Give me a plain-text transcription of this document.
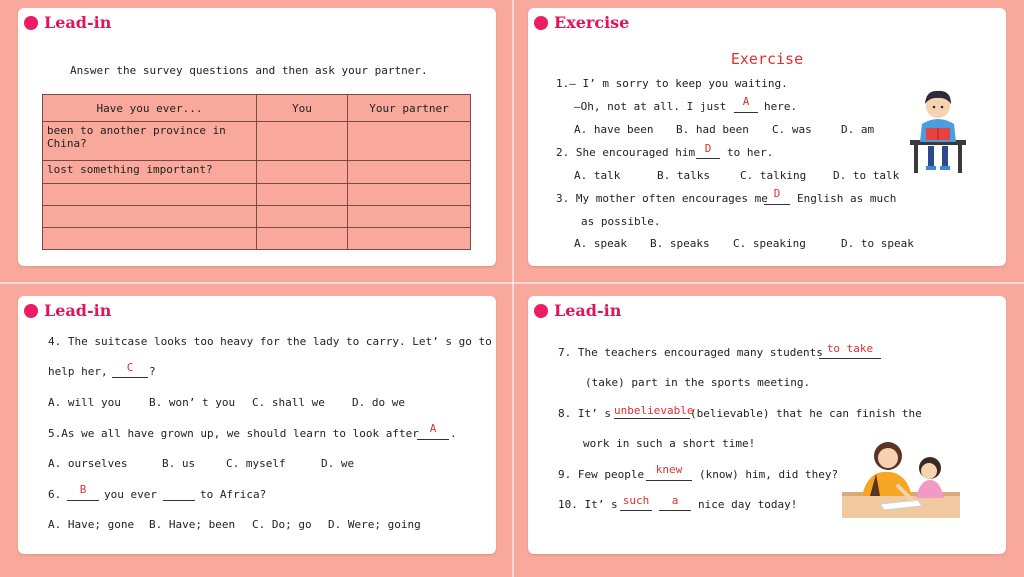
Lead-in
Answer the survey questions and then ask your partner.
Have you ever...	You	Your partner
been to another province in China?		
lost something important?		

Exercise
Exercise
1.— I’ m sorry to keep you waiting.
—Oh, not at all. I just	A	here.
A. have been B. had been C. was	D. am
2. She encouraged him D	to her.
A. talk	B. talks	C. talking D. to talk
3. My mother often encourages me D	English as much
as possible.
A. speak B. speaks C. speaking	D. to speak
Lead-in
4. The suitcase looks too heavy for the lady to carry. Let’ s go to
help her,	C	?
A. will you	B. won’ t you C. shall we D. do we
5.As we all have grown up, we should learn to look after A	.
A. ourselves	B. us	C. myself	D. we
6.	B	you ever	to Africa?
A. Have; gone B. Have; been C. Do; go D. Were; going
Lead-in
7. The teachers encouraged many students to take
(take) part in the sports meeting.
8. It’ s unbelievable
(believable) that he can finish the
work in such a short time!
9. Few people	knew	(know) him, did they?
10. It’ s such	a	nice day today!
